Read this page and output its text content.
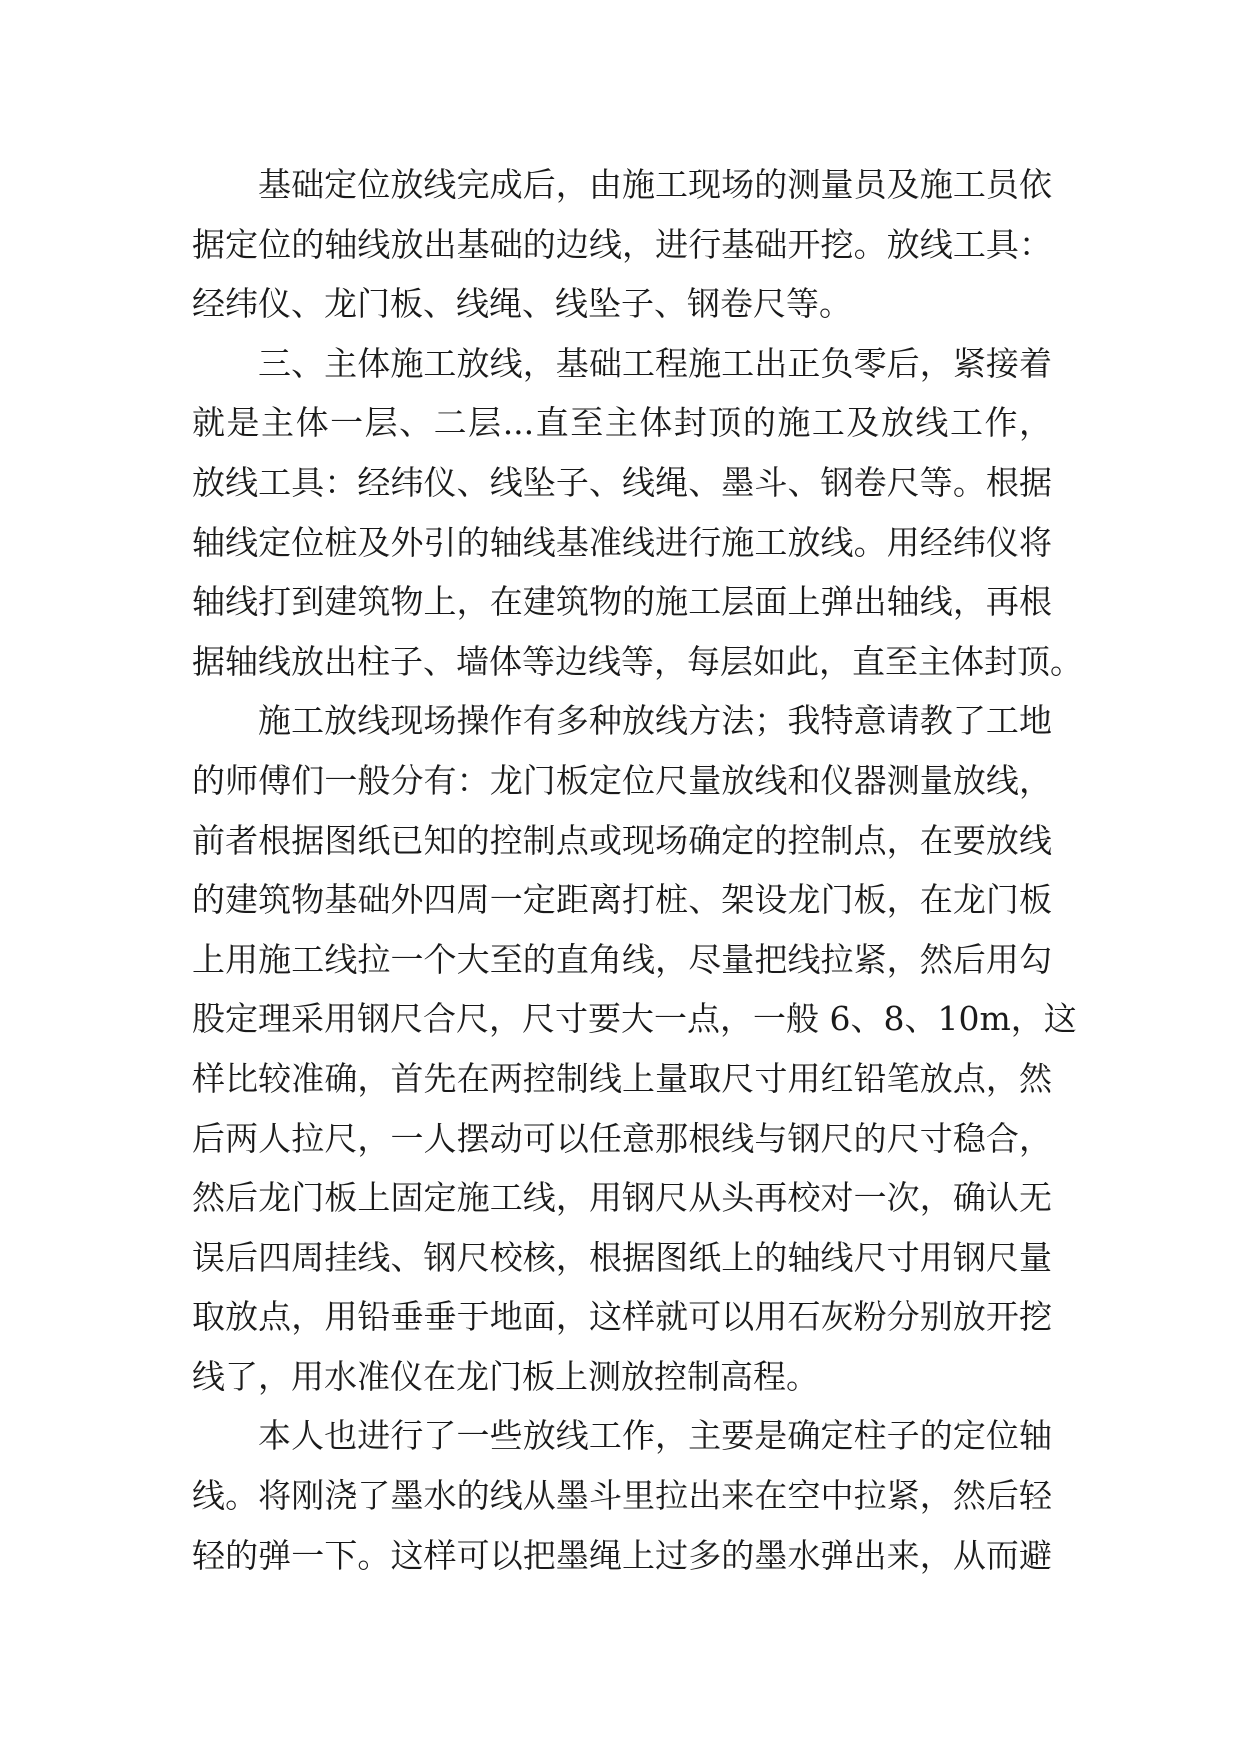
基础定位放线完成后，由施工现场的测量员及施工员依
据定位的轴线放出基础的边线，进行基础开挖。放线工具：
经纬仪、龙门板、线绳、线坠子、钢卷尺等。
三、主体施工放线，基础工程施工出正负零后，紧接着
就是主体一层、二层...直至主体封顶的施工及放线工作，
放线工具：经纬仪、线坠子、线绳、墨斗、钢卷尺等。根据
轴线定位桩及外引的轴线基准线进行施工放线。用经纬仪将
轴线打到建筑物上，在建筑物的施工层面上弹出轴线，再根
据轴线放出柱子、墙体等边线等，每层如此，直至主体封顶。
施工放线现场操作有多种放线方法；我特意请教了工地
的师傅们一般分有：龙门板定位尺量放线和仪器测量放线，
前者根据图纸已知的控制点或现场确定的控制点，在要放线
的建筑物基础外四周一定距离打桩、架设龙门板，在龙门板
上用施工线拉一个大至的直角线，尽量把线拉紧，然后用勾
股定理采用钢尺合尺，尺寸要大一点，一般 6、8、10m，这
样比较准确，首先在两控制线上量取尺寸用红铅笔放点，然
后两人拉尺，一人摆动可以任意那根线与钢尺的尺寸稳合，
然后龙门板上固定施工线，用钢尺从头再校对一次，确认无
误后四周挂线、钢尺校核，根据图纸上的轴线尺寸用钢尺量
取放点，用铅垂垂于地面，这样就可以用石灰粉分别放开挖
线了，用水准仪在龙门板上测放控制高程。
本人也进行了一些放线工作，主要是确定柱子的定位轴
线。将刚浇了墨水的线从墨斗里拉出来在空中拉紧，然后轻
轻的弹一下。这样可以把墨绳上过多的墨水弹出来，从而避
